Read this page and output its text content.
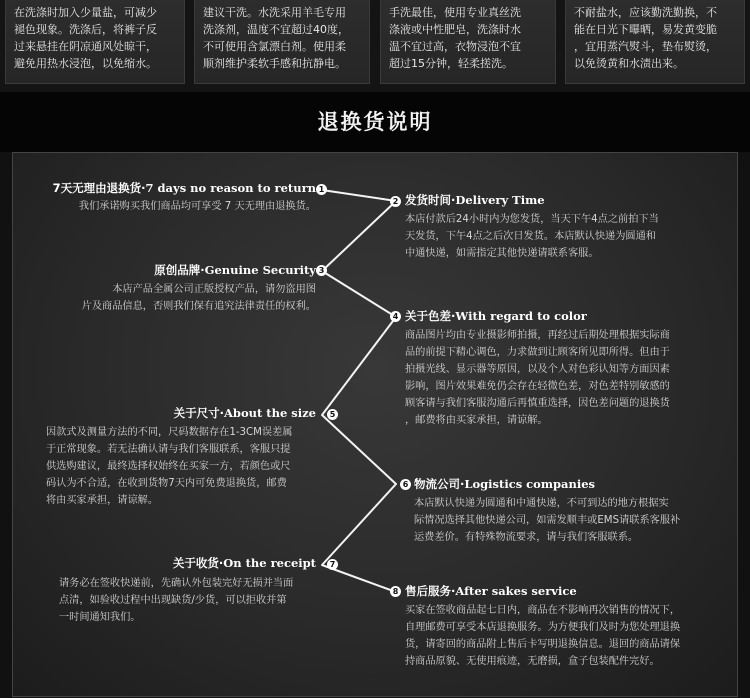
在洗涤时加入少量盐，可减少

褪色现象。洗涤后，将裤子反

过来悬挂在阴凉通风处晾干，

避免用热水浸泡，以免缩水。

建议干洗。水洗采用羊毛专用

洗涤剂，温度不宜超过40度，

不可使用含氯漂白剂。使用柔

顺剂维护柔软手感和抗静电。

手洗最佳，使用专业真丝洗

涤液或中性肥皂，洗涤时水

温不宜过高，衣物浸泡不宜

超过15分钟，轻柔搓洗。

不耐盐水，应该勤洗勤换，不

能在日光下曝晒，易发黄变脆

，宜用蒸汽熨斗，垫布熨烫，

以免烫黄和水渍出来。

退换货说明
7天无理由退换货·7 days no reason to return

我们承诺购买我们商品均可享受 7 天无理由退换货。

1
2 发货时间·Delivery Time

本店付款后24小时内为您发货，当天下午4点之前拍下当

天发货，下午4点之后次日发货。本店默认快递为圆通和

中通快递，如需指定其他快递请联系客服。

原创品牌·Genuine Security

本店产品全属公司正版授权产品，请勿盗用图

片及商品信息，否则我们保有追究法律责任的权利。

3
4 关于色差·With regard to color

商品图片均由专业摄影师拍摄，再经过后期处理根据实际商

品的前提下精心调色，力求做到让顾客所见即所得。但由于

拍摄光线、显示器等原因，以及个人对色彩认知等方面因素

影响，图片效果难免仍会存在轻微色差，对色差特别敏感的

顾客请与我们客服沟通后再慎重选择，因色差问题的退换货

，邮费将由买家承担，请谅解。

关于尺寸·About the size

因款式及测量方法的不同，尺码数据存在1-3CM误差属

于正常现象。若无法确认请与我们客服联系，客服只提

供选购建议，最终选择权始终在买家一方，若颜色或尺

码认为不合适，在收到货物7天内可免费退换货，邮费

将由买家承担，请谅解。

5
6 物流公司·Logistics companies

本店默认快递为圆通和中通快递，不可到达的地方根据实

际情况选择其他快递公司，如需发顺丰或EMS请联系客服补

运费差价。有特殊物流要求，请与我们客服联系。

关于收货·On the receipt

请务必在签收快递前，先确认外包装完好无损并当面

点清，如验收过程中出现缺货/少货，可以拒收并第

一时间通知我们。

7
8 售后服务·After sakes service

买家在签收商品起七日内，商品在不影响再次销售的情况下，

自理邮费可享受本店退换服务。为方便我们及时为您处理退换

货，请寄回的商品附上售后卡写明退换信息。退回的商品请保

持商品原貌、无使用痕迹，无磨损，盒子包装配件完好。
